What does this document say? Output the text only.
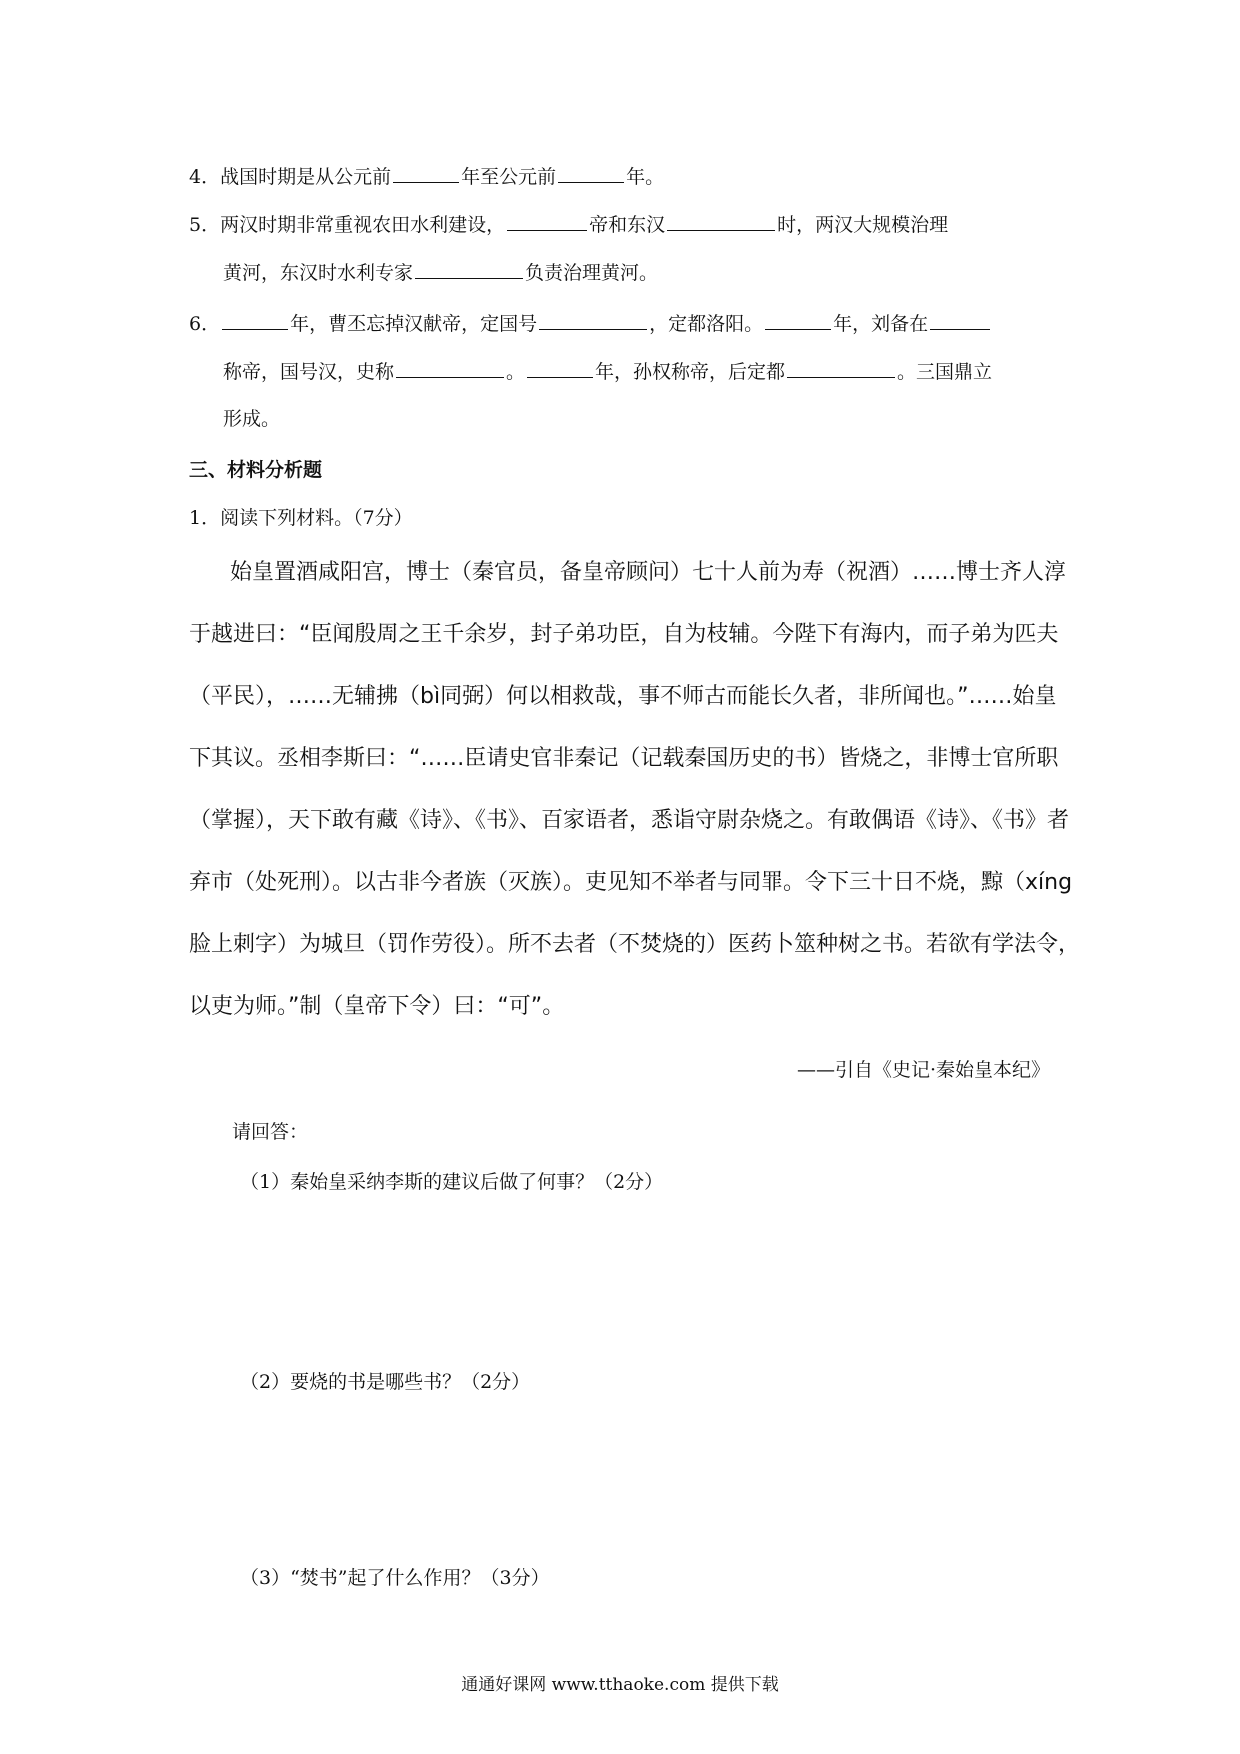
4．战国时期是从公元前	年至公元前	年。
5．两汉时期非常重视农田水利建设，	帝和东汉	时，两汉大规模治理
黄河，东汉时水利专家	负责治理黄河。
6．	年，曹丕忘掉汉献帝，定国号	，定都洛阳。	年，刘备在
称帝，国号汉，史称	。	年，孙权称帝，后定都	。三国鼎立
形成。
三、材料分析题
1．阅读下列材料。（7分）
始皇置酒咸阳宫，博士（秦官员，备皇帝顾问）七十人前为寿（祝酒）……博士齐人淳
于越进曰：“臣闻殷周之王千余岁，封子弟功臣，自为枝辅。今陛下有海内，而子弟为匹夫
（平民），……无辅拂（bì同弼）何以相救哉，事不师古而能长久者，非所闻也。”……始皇
下其议。丞相李斯曰：“……臣请史官非秦记（记载秦国历史的书）皆烧之，非博士官所职
（掌握），天下敢有藏《诗》、《书》、百家语者，悉诣守尉杂烧之。有敢偶语《诗》、《书》者
弃市（处死刑）。以古非今者族（灭族）。吏见知不举者与同罪。令下三十日不烧，黥（xíng
脸上刺字）为城旦（罚作劳役）。所不去者（不焚烧的）医药卜筮种树之书。若欲有学法令，
以吏为师。”制（皇帝下令）曰：“可”。
——引自《史记·秦始皇本纪》
请回答：
（1）秦始皇采纳李斯的建议后做了何事？（2分）
（2）要烧的书是哪些书？（2分）
（3）“焚书”起了什么作用？（3分）
通通好课网 www.tthaoke.com 提供下载
